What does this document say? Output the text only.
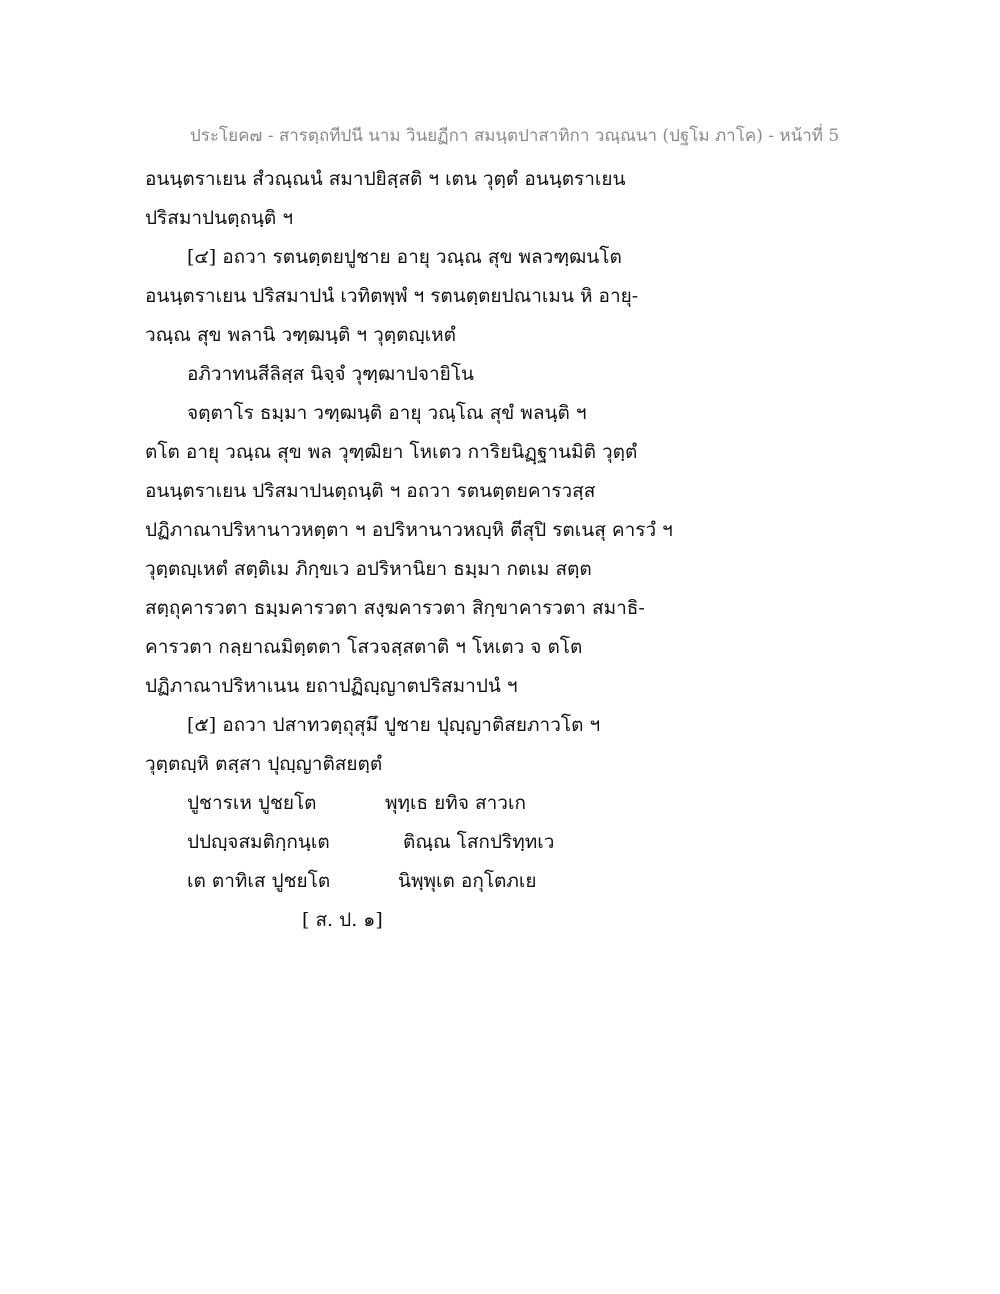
ประโยค๗ - สารตฺถทีปนี นาม วินยฏีกา สมนฺตปาสาทิกา วณฺณนา (ปฐโม ภาโค) - หน้าที่ 5
อนนฺตราเยน สํวณฺณนํ สมาปยิสฺสติ ฯ เตน วุตฺตํ อนนฺตราเยน
ปริสมาปนตฺถนฺติ ฯ
[๔] อถวา รตนตฺตยปูชาย อายุ วณฺณ สุข พลวฑฺฒนโต
อนนฺตราเยน ปริสมาปนํ เวทิตพฺพํ ฯ รตนตฺตยปณาเมน หิ อายุ-
วณฺณ สุข พลานิ วฑฺฒนฺติ ฯ วุตฺตญฺเหตํ
อภิวาทนสีลิสฺส นิจฺจํ วุฑฺฒาปจายิโน
จตฺตาโร ธมฺมา วฑฺฒนฺติ อายุ วณฺโณ สุขํ พลนฺติ ฯ
ตโต อายุ วณฺณ สุข พล วุฑฺฒิยา โหเตว การิยนิฏฺฐานมิติ วุตฺตํ
อนนฺตราเยน ปริสมาปนตฺถนฺติ ฯ อถวา รตนตฺตยคารวสฺส
ปฏิภาณาปริหานาวหตฺตา ฯ อปริหานาวหญฺหิ ตีสุปิ รตเนสุ คารวํ ฯ
วุตฺตญฺเหตํ สตฺติเม ภิกฺขเว อปริหานิยา ธมฺมา กตเม สตฺต
สตฺถุคารวตา ธมฺมคารวตา สงฺฆคารวตา สิกฺขาคารวตา สมาธิ-
คารวตา กลฺยาณมิตฺตตา โสวจสฺสตาติ ฯ โหเตว จ ตโต
ปฏิภาณาปริหาเนน ยถาปฏิญฺญาตปริสมาปนํ ฯ
[๕] อถวา ปสาทวตฺถุสุมึ ปูชาย ปุญฺญาติสยภาวโต ฯ
วุตฺตญฺหิ ตสฺสา ปุญฺญาติสยตฺตํ
ปูชารเห ปูชยโต	พุทฺเธ ยทิจ สาวเก
ปปญฺจสมติกฺกนฺเต	ติณฺณ โสกปริทฺทเว
เต ตาทิเส ปูชยโต	นิพฺพุเต อกุโตภเย
[ ส. ป. ๑]
